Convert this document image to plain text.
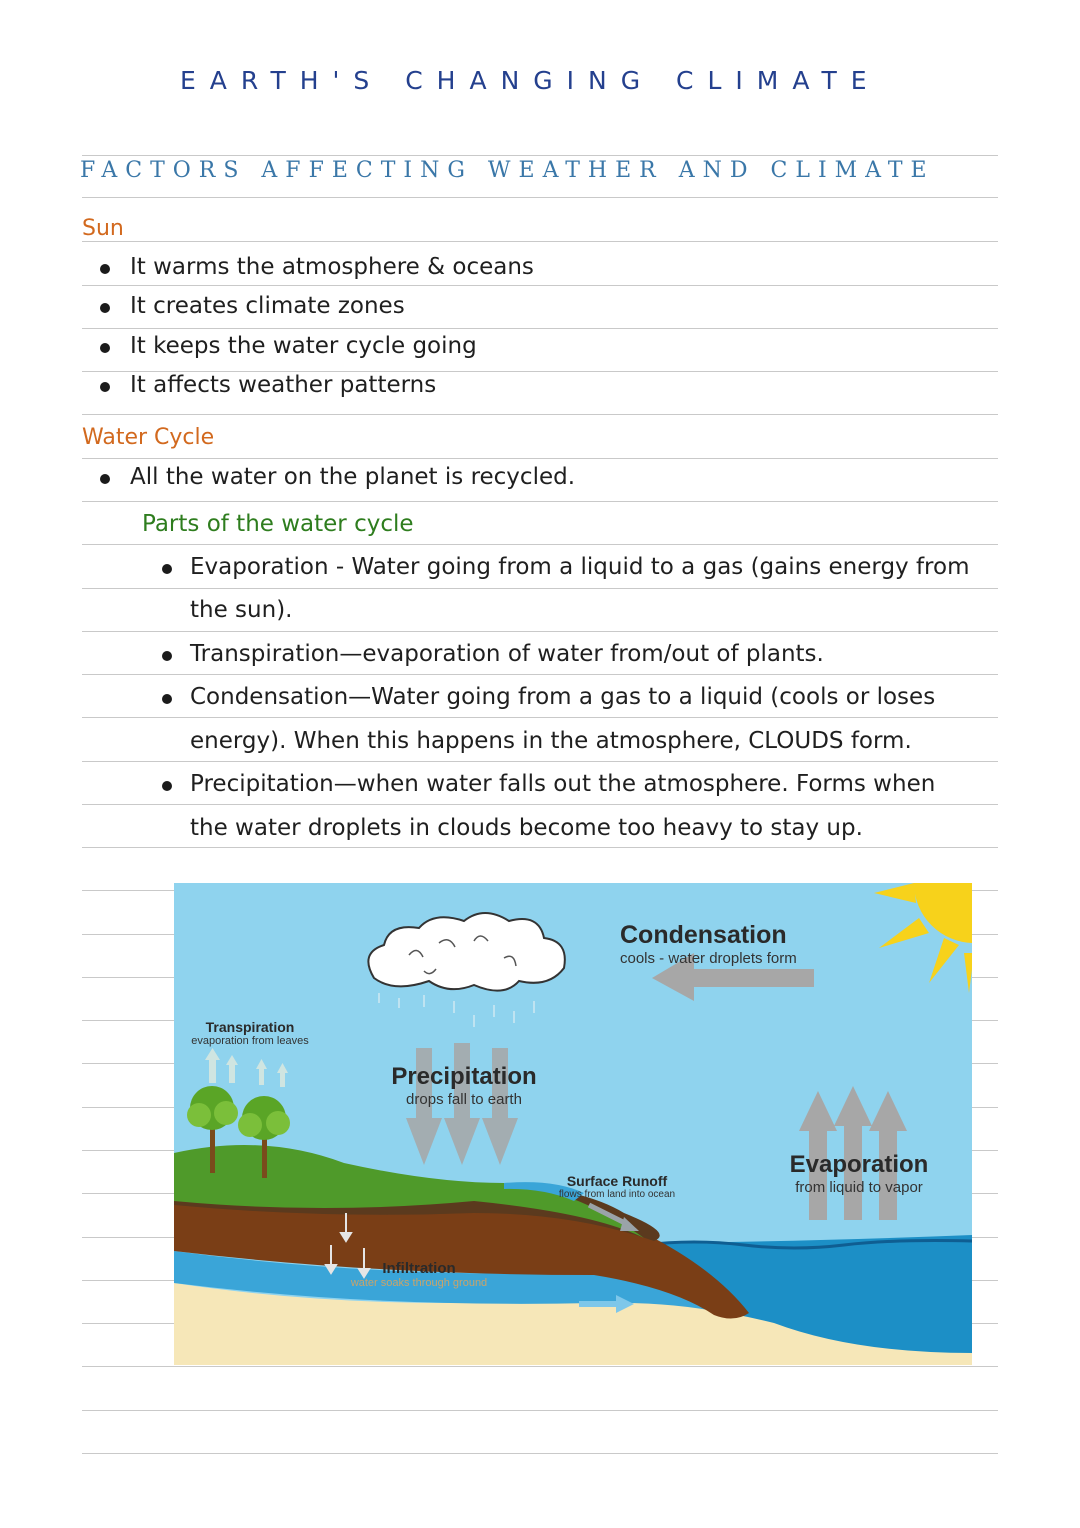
EARTH'S CHANGING CLIMATE
FACTORS AFFECTING WEATHER AND CLIMATE
Sun
It warms the atmosphere & oceans
It creates climate zones
It keeps the water cycle going
It affects weather patterns
Water Cycle
All the water on the planet is recycled.
Parts of the water cycle
Evaporation - Water going from a liquid to a gas (gains energy from
the sun).
Transpiration—evaporation of water from/out of plants.
Condensation—Water going from a gas to a liquid (cools or loses
energy). When this happens in the atmosphere, CLOUDS form.
Precipitation—when water falls out the atmosphere. Forms when
the water droplets in clouds become too heavy to stay up.
Condensation
cools - water droplets form
Transpiration
evaporation from leaves
Precipitation
drops fall to earth
Evaporation
from liquid to vapor
Surface Runoff
flows from land into ocean
Infiltration
water soaks through ground
